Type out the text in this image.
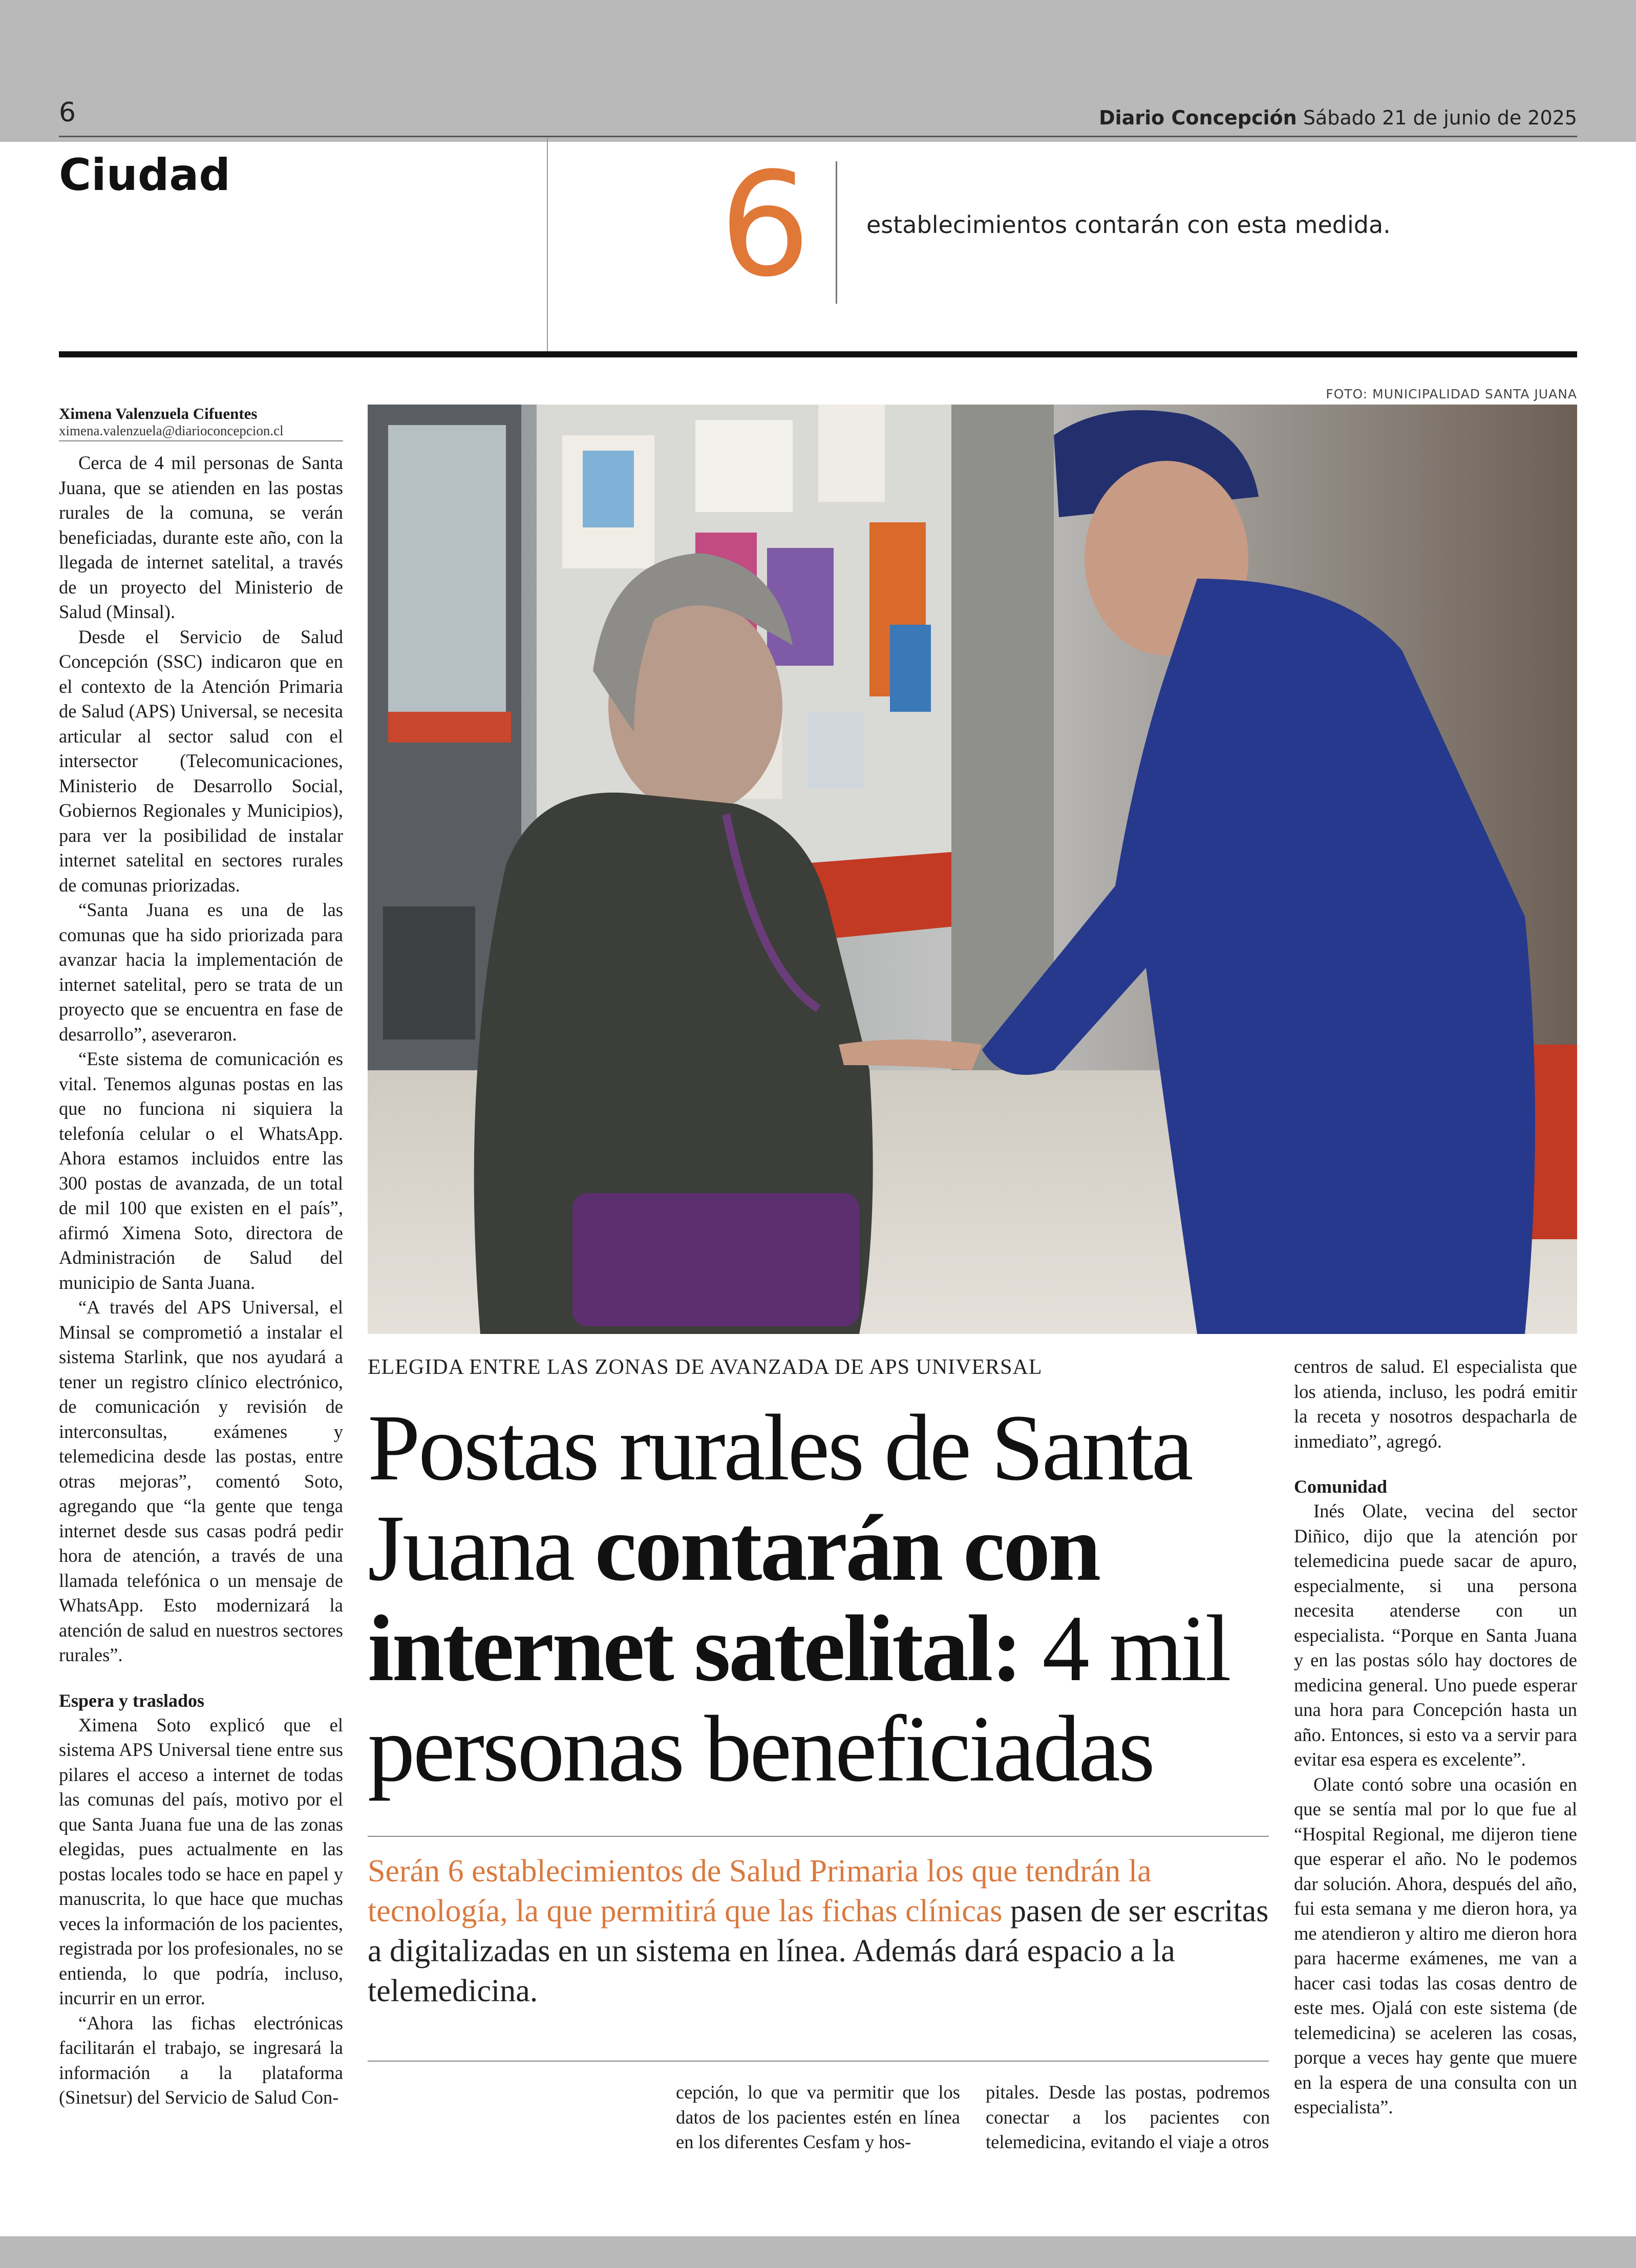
6	Diario Concepción Sábado 21 de junio de 2025
Ciudad	6 establecimientos contarán con esta medida.
Ximena Valenzuela Cifuentes
ximena.valenzuela@diarioconcepcion.cl

Cerca de 4 mil personas de Santa Juana, que se atienden en las postas rurales de la comuna, se verán beneficiadas, durante este año, con la llegada de internet satelital, a través de un proyecto del Ministerio de Salud (Minsal).

Desde el Servicio de Salud Concepción (SSC) indicaron que en el contexto de la Atención Primaria de Salud (APS) Universal, se necesita articular al sector salud con el intersector (Telecomunicaciones, Ministerio de Desarrollo Social, Gobiernos Regionales y Municipios), para ver la posibilidad de instalar internet satelital en sectores rurales de comunas priorizadas.

“Santa Juana es una de las comunas que ha sido priorizada para avanzar hacia la implementación de internet satelital, pero se trata de un proyecto que se encuentra en fase de desarrollo”, aseveraron.

“Este sistema de comunicación es vital. Tenemos algunas postas en las que no funciona ni siquiera la telefonía celular o el WhatsApp. Ahora estamos incluidos entre las 300 postas de avanzada, de un total de mil 100 que existen en el país”, afirmó Ximena Soto, directora de Administración de Salud del municipio de Santa Juana.

“A través del APS Universal, el Minsal se comprometió a instalar el sistema Starlink, que nos ayudará a tener un registro clínico electrónico, de comunicación y revisión de interconsultas, exámenes y telemedicina desde las postas, entre otras mejoras”, comentó Soto, agregando que “la gente que tenga internet desde sus casas podrá pedir hora de atención, a través de una llamada telefónica o un mensaje de WhatsApp. Esto modernizará la atención de salud en nuestros sectores rurales”.

Espera y traslados

Ximena Soto explicó que el sistema APS Universal tiene entre sus pilares el acceso a internet de todas las comunas del país, motivo por el que Santa Juana fue una de las zonas elegidas, pues actualmente en las postas locales todo se hace en papel y manuscrita, lo que hace que muchas veces la información de los pacientes, registrada por los profesionales, no se entienda, lo que podría, incluso, incurrir en un error.

“Ahora las fichas electrónicas facilitarán el trabajo, se ingresará la información a la plataforma (Sinetsur) del Servicio de Salud Con-

FOTO: MUNICIPALIDAD SANTA JUANA
ELEGIDA ENTRE LAS ZONAS DE AVANZADA DE APS UNIVERSAL
Postas rurales de Santa Juana contarán con internet satelital: 4 mil personas beneficiadas
Serán 6 establecimientos de Salud Primaria los que tendrán la tecnología, la que permitirá que las fichas clínicas pasen de ser escritas a digitalizadas en un sistema en línea. Además dará espacio a la telemedicina.

cepción, lo que va permitir que los datos de los pacientes estén en línea en los diferentes Cesfam y hos-

pitales. Desde las postas, podremos conectar a los pacientes con telemedicina, evitando el viaje a otros

centros de salud. El especialista que los atienda, incluso, les podrá emitir la receta y nosotros despacharla de inmediato”, agregó.

Comunidad

Inés Olate, vecina del sector Diñico, dijo que la atención por telemedicina puede sacar de apuro, especialmente, si una persona necesita atenderse con un especialista. “Porque en Santa Juana y en las postas sólo hay doctores de medicina general. Uno puede esperar una hora para Concepción hasta un año. Entonces, si esto va a servir para evitar esa espera es excelente”.

Olate contó sobre una ocasión en que se sentía mal por lo que fue al “Hospital Regional, me dijeron tiene que esperar el año. No le podemos dar solución. Ahora, después del año, fui esta semana y me dieron hora, ya me atendieron y altiro me dieron hora para hacerme exámenes, me van a hacer casi todas las cosas dentro de este mes. Ojalá con este sistema (de telemedicina) se aceleren las cosas, porque a veces hay gente que muere en la espera de una consulta con un especialista”.
